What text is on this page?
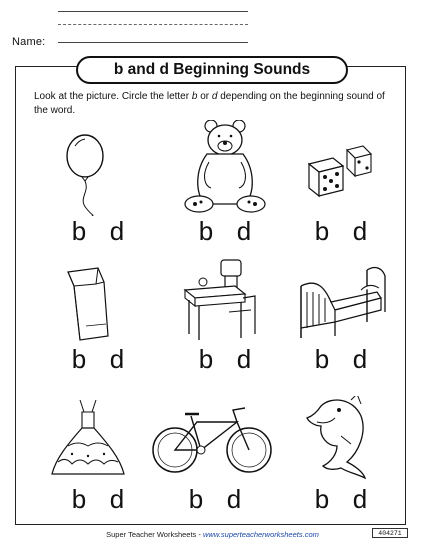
Name:
b and d Beginning Sounds
Look at the picture. Circle the letter b or d depending on the beginning sound of the word.
b d	b d b d
b d	b d b d
b d b d	b d
Super Teacher Worksheets - www.superteacherworksheets.com	404271
